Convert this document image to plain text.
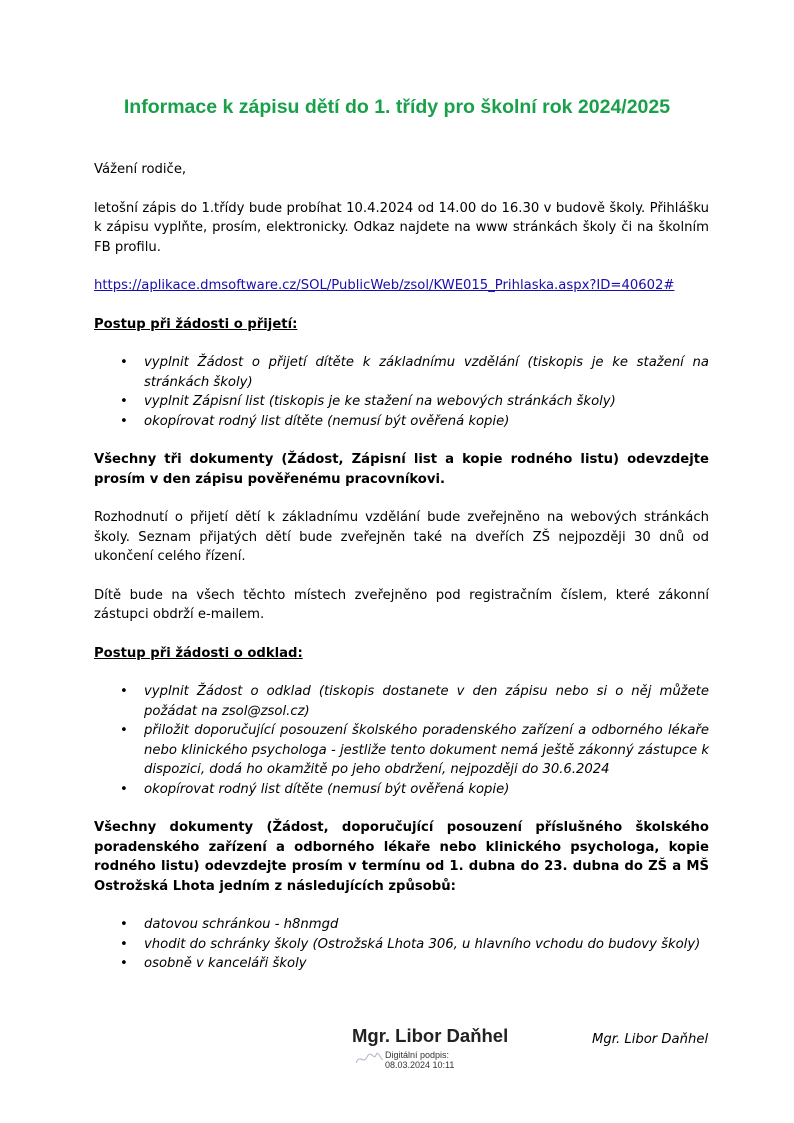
Informace k zápisu dětí do 1. třídy pro školní rok 2024/2025

Vážení rodiče,

letošní zápis do 1.třídy bude probíhat 10.4.2024 od 14.00 do 16.30 v budově školy. Přihlášku k zápisu vyplňte, prosím, elektronicky. Odkaz najdete na www stránkách školy či na školním FB profilu.

https://aplikace.dmsoftware.cz/SOL/PublicWeb/zsol/KWE015_Prihlaska.aspx?ID=40602#
Postup při žádosti o přijetí:
• vyplnit Žádost o přijetí dítěte k základnímu vzdělání (tiskopis je ke stažení na stránkách školy)
• vyplnit Zápisní list (tiskopis je ke stažení na webových stránkách školy)
• okopírovat rodný list dítěte (nemusí být ověřená kopie)

Všechny tři dokumenty (Žádost, Zápisní list a kopie rodného listu) odevzdejte prosím v den zápisu pověřenému pracovníkovi.

Rozhodnutí o přijetí dětí k základnímu vzdělání bude zveřejněno na webových stránkách školy. Seznam přijatých dětí bude zveřejněn také na dveřích ZŠ nejpozději 30 dnů od ukončení celého řízení.

Dítě bude na všech těchto místech zveřejněno pod registračním číslem, které zákonní zástupci obdrží e-mailem.

Postup při žádosti o odklad:
• vyplnit Žádost o odklad (tiskopis dostanete v den zápisu nebo si o něj můžete požádat na zsol@zsol.cz)
• přiložit doporučující posouzení školského poradenského zařízení a odborného lékaře nebo klinického psychologa - jestliže tento dokument nemá ještě zákonný zástupce k dispozici, dodá ho okamžitě po jeho obdržení, nejpozději do 30.6.2024
• okopírovat rodný list dítěte (nemusí být ověřená kopie)

Všechny dokumenty (Žádost, doporučující posouzení příslušného školského poradenského zařízení a odborného lékaře nebo klinického psychologa, kopie rodného listu) odevzdejte prosím v termínu od 1. dubna do 23. dubna do ZŠ a MŠ Ostrožská Lhota jedním z následujících způsobů:

• datovou schránkou - h8nmgd
• vhodit do schránky školy (Ostrožská Lhota 306, u hlavního vchodu do budovy školy)
• osobně v kanceláři školy
Mgr. Libor Daňhel
Digitální podpis:
08.03.2024 10:11
Mgr. Libor Daňhel
